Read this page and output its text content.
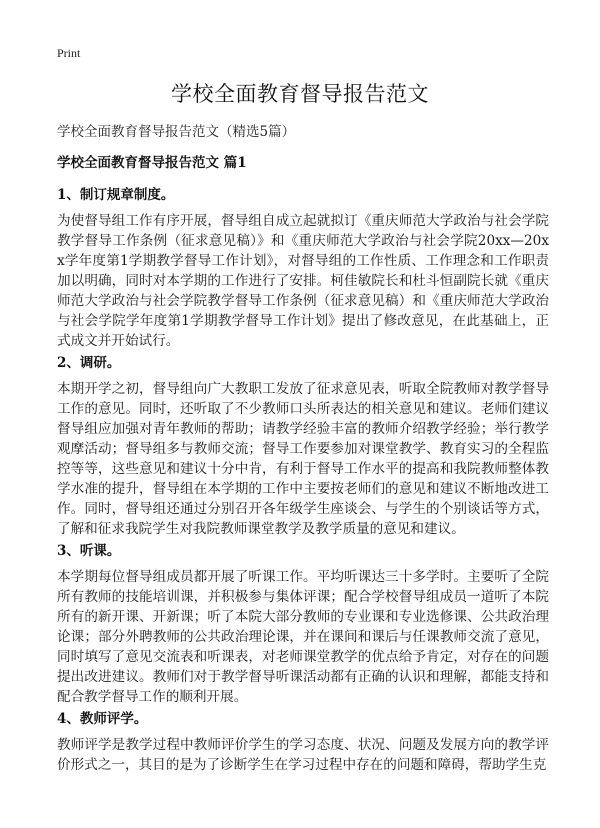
Print
学校全面教育督导报告范文
学校全面教育督导报告范文（精选5篇）
学校全面教育督导报告范文 篇1
1、制订规章制度。

为使督导组工作有序开展，督导组自成立起就拟订《重庆师范大学政治与社会学院教学督导工作条例（征求意见稿）》和《重庆师范大学政治与社会学院20xx—20xx学年度第1学期教学督导工作计划》，对督导组的工作性质、工作理念和工作职责加以明确，同时对本学期的工作进行了安排。柯佳敏院长和杜斗恒副院长就《重庆师范大学政治与社会学院教学督导工作条例（征求意见稿）和《重庆师范大学政治与社会学院学年度第1学期教学督导工作计划》提出了修改意见，在此基础上，正式成文并开始试行。

2、调研。

本期开学之初，督导组向广大教职工发放了征求意见表，听取全院教师对教学督导工作的意见。同时，还听取了不少教师口头所表达的相关意见和建议。老师们建议督导组应加强对青年教师的帮助；请教学经验丰富的教师介绍教学经验；举行教学观摩活动；督导组多与教师交流；督导工作要参加对课堂教学、教育实习的全程监控等等，这些意见和建议十分中肯，有利于督导工作水平的提高和我院教师整体教学水准的提升，督导组在本学期的工作中主要按老师们的意见和建议不断地改进工作。同时，督导组还通过分别召开各年级学生座谈会、与学生的个别谈话等方式，了解和征求我院学生对我院教师课堂教学及教学质量的意见和建议。

3、听课。

本学期每位督导组成员都开展了听课工作。平均听课达三十多学时。主要听了全院所有教师的技能培训课，并积极参与集体评课；配合学校督导组成员一道听了本院所有的新开课、开新课；听了本院大部分教师的专业课和专业选修课、公共政治理论课；部分外聘教师的公共政治理论课，并在课间和课后与任课教师交流了意见，同时填写了意见交流表和听课表，对老师课堂教学的优点给予肯定，对存在的问题提出改进建议。教师们对于教学督导听课活动都有正确的认识和理解，都能支持和配合教学督导工作的顺利开展。

4、教师评学。

教师评学是教学过程中教师评价学生的学习态度、状况、问题及发展方向的教学评价形式之一，其目的是为了诊断学生在学习过程中存在的问题和障碍，帮助学生克
